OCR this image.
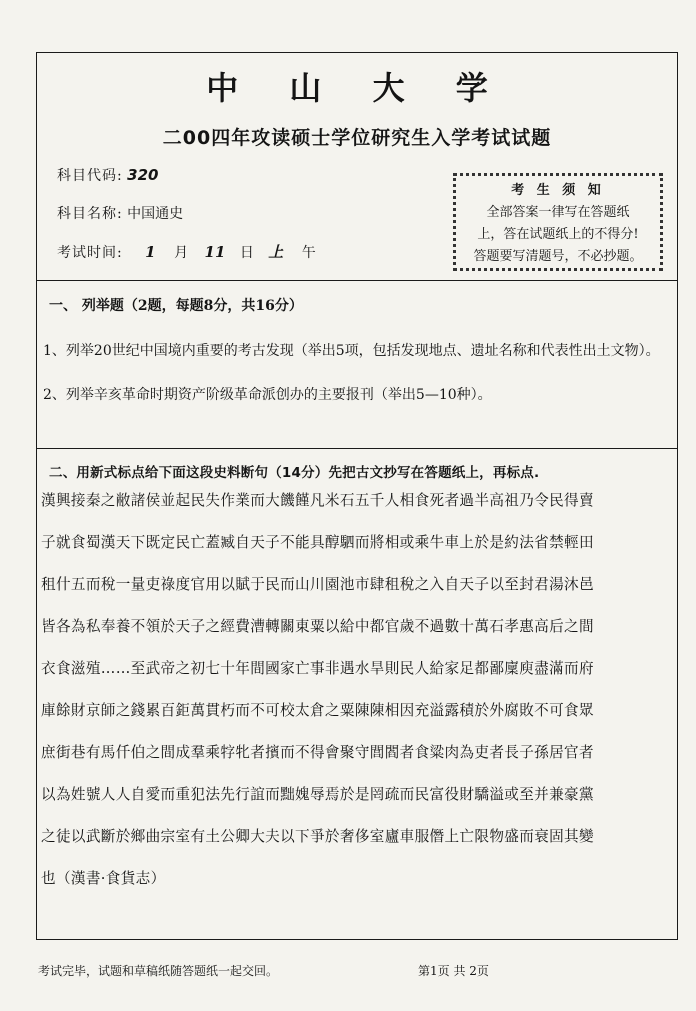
中 山 大 学
二00四年攻读硕士学位研究生入学考试试题
科目代码: 320
科目名称: 中国通史
考试时间: 1 月 11 日 上 午
考 生 须 知
全部答案一律写在答题纸
上，答在试题纸上的不得分!
答题要写清题号，不必抄题。
一、 列举题（2题，每题8分，共16分）
1、列举20世纪中国境内重要的考古发现（举出5项，包括发现地点、遗址名称和代表性出土文物）。
2、列举辛亥革命时期资产阶级革命派创办的主要报刊（举出5—10种）。
二、用新式标点给下面这段史料断句（14分）先把古文抄写在答题纸上，再标点.
漢興接秦之敝諸侯並起民失作業而大饑饉凡米石五千人相食死者過半高祖乃令民得賣
子就食蜀漢天下既定民亡蓋臧自天子不能具醇駟而將相或乘牛車上於是約法省禁輕田
租什五而稅一量吏祿度官用以賦于民而山川園池市肆租稅之入自天子以至封君湯沐邑
皆各為私奉養不領於天子之經費漕轉關東粟以給中都官歲不過數十萬石孝惠高后之間
衣食滋殖……至武帝之初七十年間國家亡事非遇水旱則民人給家足都鄙廩庾盡滿而府
庫餘財京師之錢累百鉅萬貫朽而不可校太倉之粟陳陳相因充溢露積於外腐敗不可食眾
庶街巷有馬仟伯之間成羣乘牸牝者擯而不得會聚守閭閻者食粱肉為吏者長子孫居官者
以為姓號人人自愛而重犯法先行誼而黜媿辱焉於是罔疏而民富役財驕溢或至并兼豪黨
之徒以武斷於鄉曲宗室有土公卿大夫以下爭於奢侈室廬車服僭上亡限物盛而衰固其變
也（漢書·食貨志）
考试完毕，试题和草稿纸随答题纸一起交回。	第1页 共 2页
